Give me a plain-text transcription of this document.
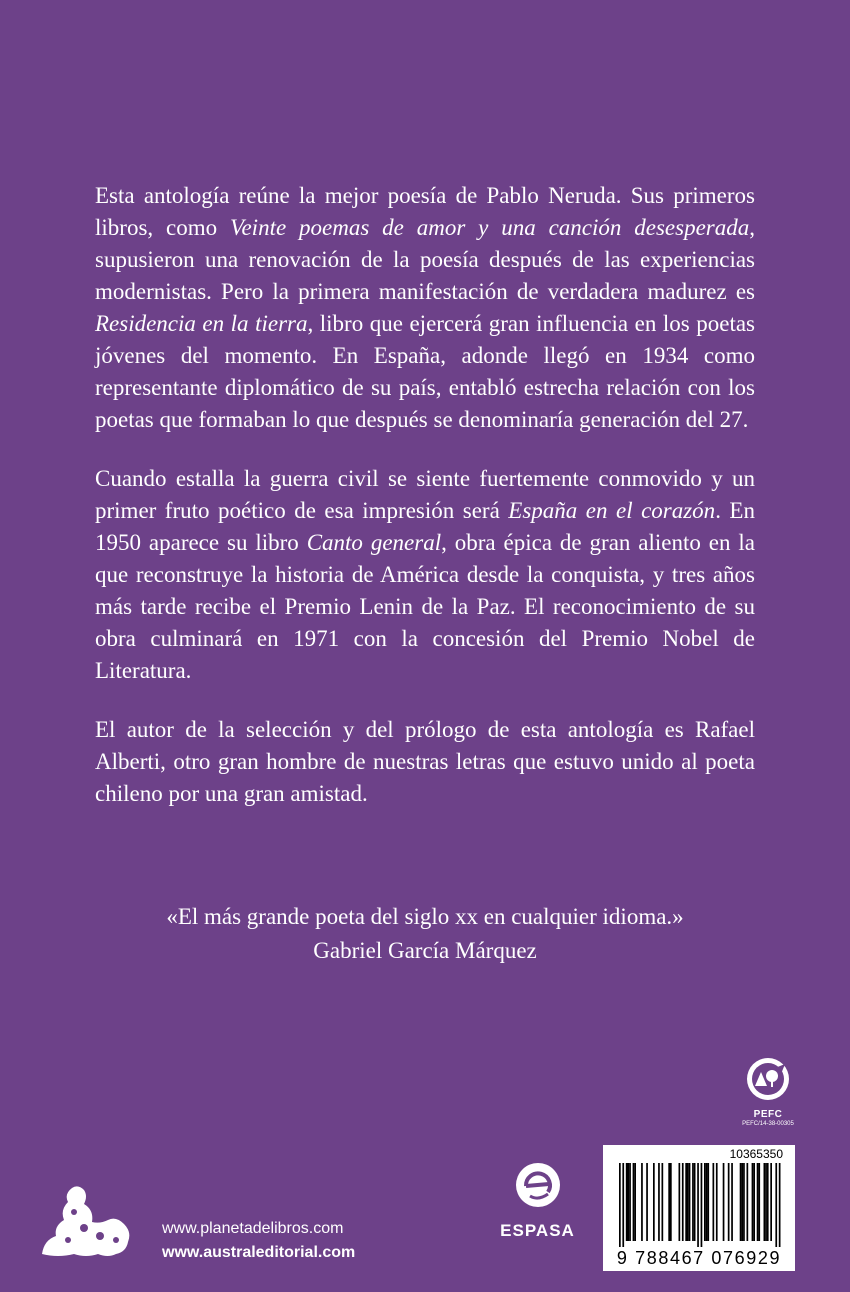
Esta antología reúne la mejor poesía de Pablo Neruda. Sus primeros libros, como Veinte poemas de amor y una canción desesperada, supusieron una renovación de la poesía después de las experiencias modernistas. Pero la primera manifestación de verdadera madurez es Residencia en la tierra, libro que ejercerá gran influencia en los poetas jóvenes del momento. En España, adonde llegó en 1934 como representante diplomático de su país, entabló estrecha relación con los poetas que formaban lo que después se denominaría generación del 27.

Cuando estalla la guerra civil se siente fuertemente conmovido y un primer fruto poético de esa impresión será España en el corazón. En 1950 aparece su libro Canto general, obra épica de gran aliento en la que reconstruye la historia de América desde la conquista, y tres años más tarde recibe el Premio Lenin de la Paz. El reconocimiento de su obra culminará en 1971 con la concesión del Premio Nobel de Literatura.

El autor de la selección y del prólogo de esta antología es Rafael Alberti, otro gran hombre de nuestras letras que estuvo unido al poeta chileno por una gran amistad.

«El más grande poeta del siglo xx en cualquier idioma.»
Gabriel García Márquez
PEFC
PEFC/14-38-00305
10365350
9 788467 076929
ESPASA
www.planetadelibros.com
www.australeditorial.com
